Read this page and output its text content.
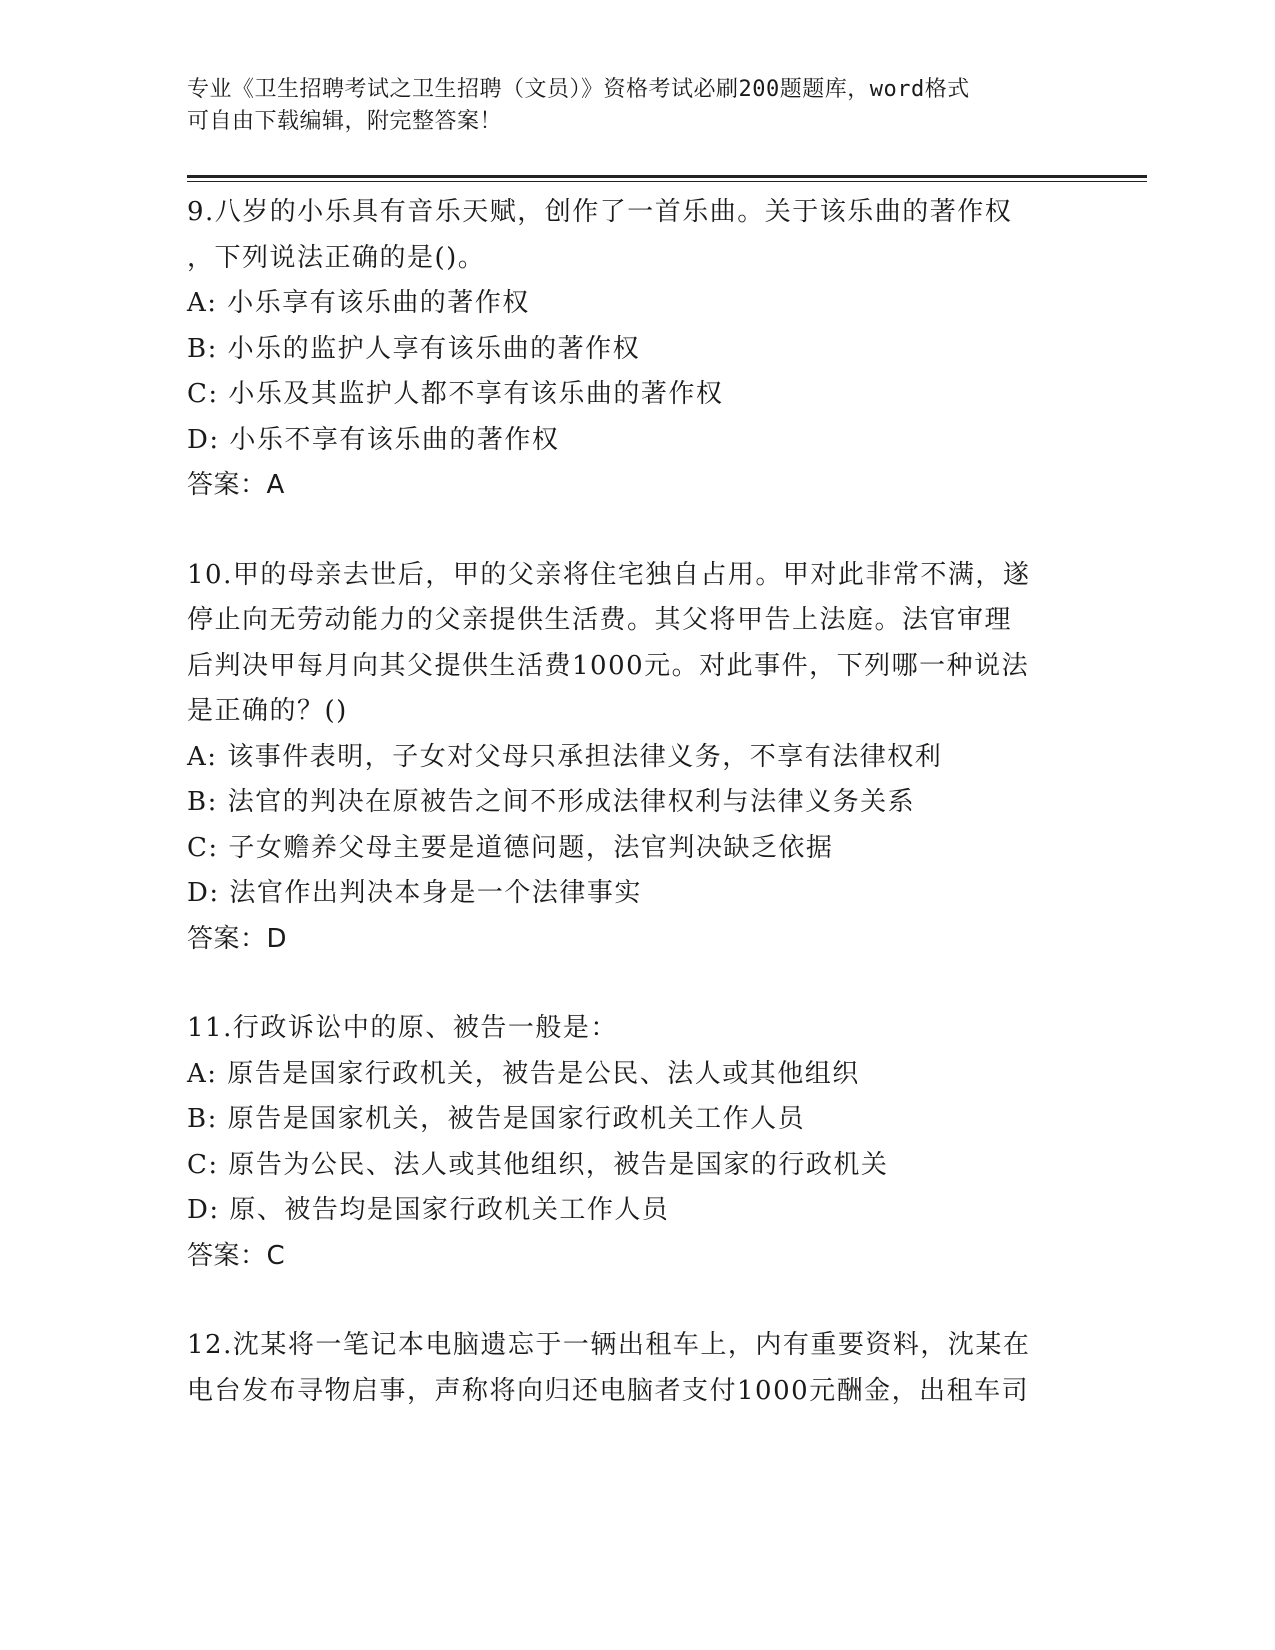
专业《卫生招聘考试之卫生招聘（文员）》资格考试必刷200题题库，word格式
可自由下载编辑，附完整答案！
9.八岁的小乐具有音乐天赋，创作了一首乐曲。关于该乐曲的著作权
，下列说法正确的是()。
A: 小乐享有该乐曲的著作权
B: 小乐的监护人享有该乐曲的著作权
C: 小乐及其监护人都不享有该乐曲的著作权
D: 小乐不享有该乐曲的著作权
答案：A
10.甲的母亲去世后，甲的父亲将住宅独自占用。甲对此非常不满，遂
停止向无劳动能力的父亲提供生活费。其父将甲告上法庭。法官审理
后判决甲每月向其父提供生活费1000元。对此事件，下列哪一种说法
是正确的？()
A: 该事件表明，子女对父母只承担法律义务，不享有法律权利
B: 法官的判决在原被告之间不形成法律权利与法律义务关系
C: 子女赡养父母主要是道德问题，法官判决缺乏依据
D: 法官作出判决本身是一个法律事实
答案：D
11.行政诉讼中的原、被告一般是：
A: 原告是国家行政机关，被告是公民、法人或其他组织
B: 原告是国家机关，被告是国家行政机关工作人员
C: 原告为公民、法人或其他组织，被告是国家的行政机关
D: 原、被告均是国家行政机关工作人员
答案：C
12.沈某将一笔记本电脑遗忘于一辆出租车上，内有重要资料，沈某在
电台发布寻物启事，声称将向归还电脑者支付1000元酬金，出租车司
